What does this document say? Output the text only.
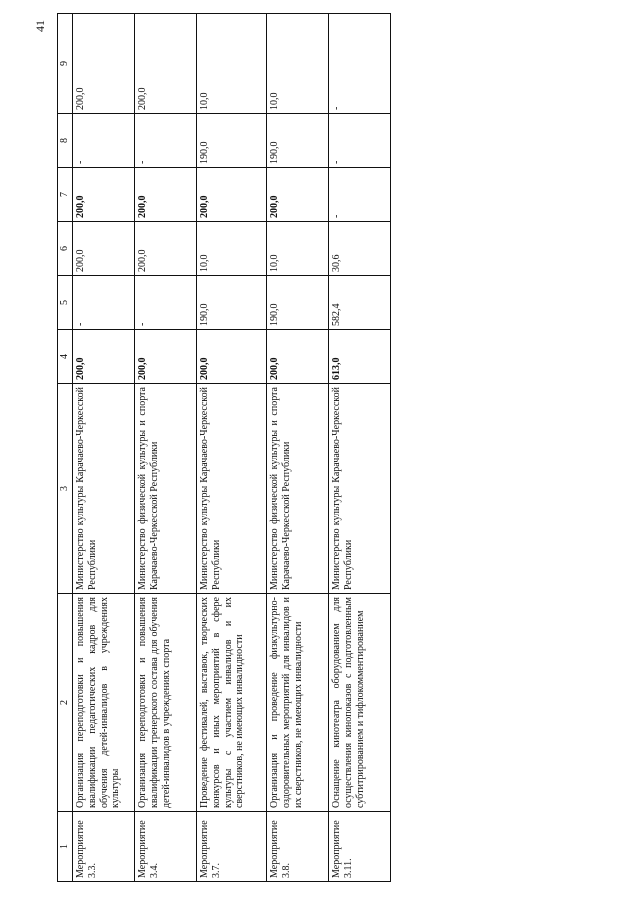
41
1	2	3	4	5	6	7	8	9
Мероприятие 3.3.	Организация переподготовки и повышения квалификации педагогических кадров для обучения детей-инвалидов в учреждениях культуры	Министерство культуры Карачаево-Черкесской Республики	200,0	-	200,0	200,0	-	200,0
Мероприятие 3.4.	Организация переподготовки и повышения квалификации тренерского состава для обучения детей-инвалидов в учреждениях спорта	Министерство физической культуры и спорта Карачаево-Черкесской Республики	200,0	-	200,0	200,0	-	200,0
Мероприятие 3.7.	Проведение фестивалей, выставок, творческих конкурсов и иных мероприятий в сфере культуры с участием инвалидов и их сверстников, не имеющих инвалидности	Министерство культуры Карачаево-Черкесской Республики	200,0	190,0	10,0	200,0	190,0	10,0
Мероприятие 3.8.	Организация и проведение физкультурно-оздоровительных мероприятий для инвалидов и их сверстников, не имеющих инвалидности	Министерство физической культуры и спорта Карачаево-Черкесской Республики	200,0	190,0	10,0	200,0	190,0	10,0
Мероприятие 3.11.	Оснащение кинотеатра оборудованием для осуществления кинопоказов с подготовленным субтитрированием и тифлокомментированием	Министерство культуры Карачаево-Черкесской Республики	613,0	582,4	30,6	-	-	-
